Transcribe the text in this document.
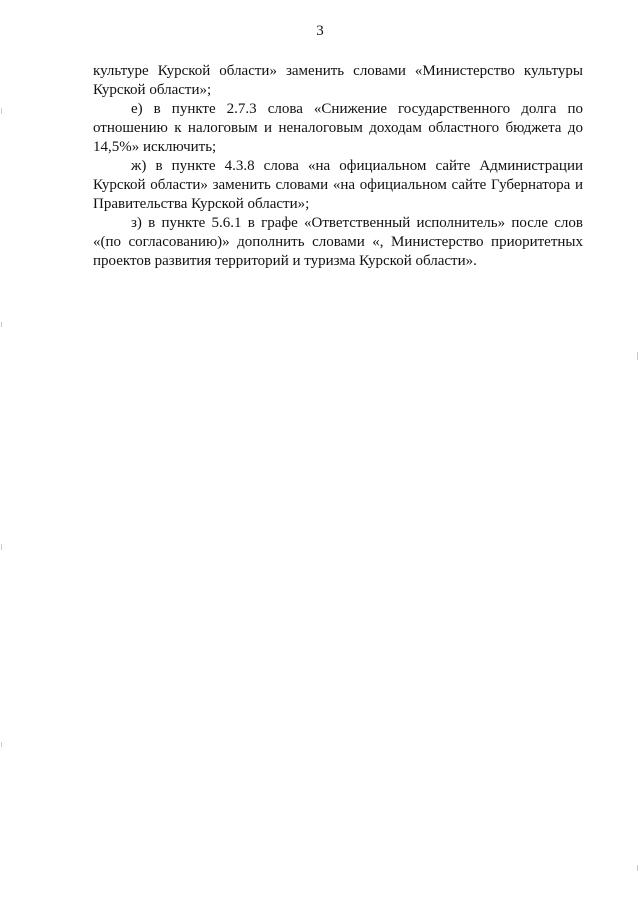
3

культуре Курской области» заменить словами «Министерство культуры Курской области»;

е) в пункте 2.7.3 слова «Снижение государственного долга по отношению к налоговым и неналоговым доходам областного бюджета до 14,5%» исключить;

ж) в пункте 4.3.8 слова «на официальном сайте Администрации Курской области» заменить словами «на официальном сайте Губернатора и Правительства Курской области»;

з) в пункте 5.6.1 в графе «Ответственный исполнитель» после слов «(по согласованию)» дополнить словами «, Министерство приоритетных проектов развития территорий и туризма Курской области».
